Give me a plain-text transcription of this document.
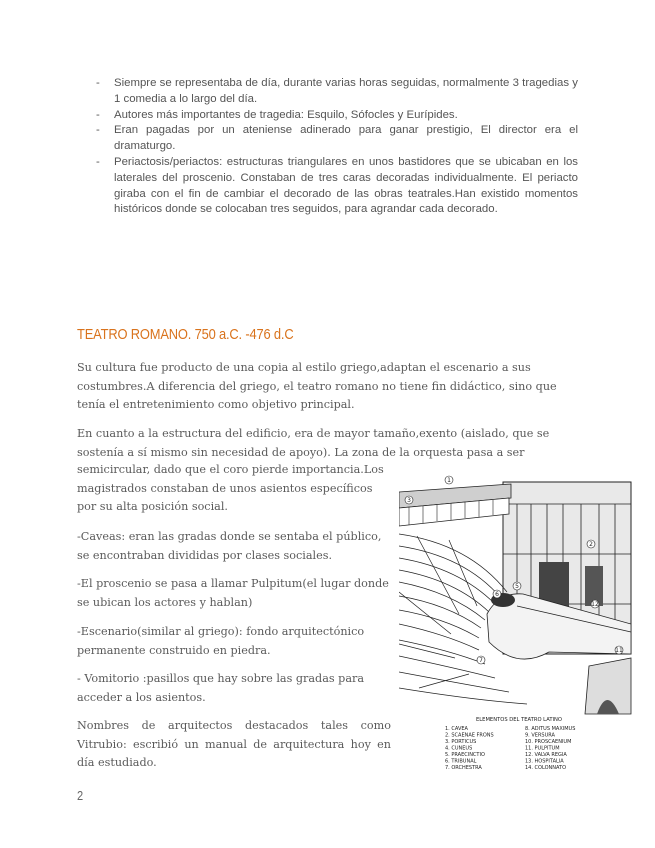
- Siempre se representaba de día, durante varias horas seguidas, normalmente 3 tragedias y 1 comedia a lo largo del día.
- Autores más importantes de tragedia: Esquilo, Sófocles y Eurípides.
- Eran pagadas por un ateniense adinerado para ganar prestigio, El director era el dramaturgo.
- Periactosis/periactos: estructuras triangulares en unos bastidores que se ubicaban en los laterales del proscenio. Constaban de tres caras decoradas individualmente. El periacto giraba con el fin de cambiar el decorado de las obras teatrales.Han existido momentos históricos donde se colocaban tres seguidos, para agrandar cada decorado.
TEATRO ROMANO. 750 a.C. -476 d.C

Su cultura fue producto de una copia al estilo griego,adaptan el escenario a sus costumbres.A diferencia del griego, el teatro romano no tiene fin didáctico, sino que tenía el entretenimiento como objetivo principal.

En cuanto a la estructura del edificio, era de mayor tamaño,exento (aislado, que se sostenía a sí mismo sin necesidad de apoyo). La zona de la orquesta pasa a ser

semicircular, dado que el coro pierde importancia.Los magistrados constaban de unos asientos específicos por su alta posición social.

-Caveas: eran las gradas donde se sentaba el público, se encontraban divididas por clases sociales.

-El proscenio se pasa a llamar Pulpitum(el lugar donde se ubican los actores y hablan)

-Escenario(similar al griego): fondo arquitectónico permanente construido en piedra.

- Vomitorio :pasillos que hay sobre las gradas para acceder a los asientos.

Nombres de arquitectos destacados tales como Vitrubio: escribió un manual de arquitectura hoy en día estudiado.

1
3
2
6
7
5
12
11
ELEMENTOS DEL TEATRO LATINO
1. CAVEA	8. ADITUS MAXIMUS
2. SCAENAE FRONS	9. VERSURA
3. PORTICUS	10. PROSCAENIUM
4. CUNEUS	11. PULPITUM
5. PRAECINCTIO	12. VALVA REGIA
6. TRIBUNAL	13. HOSPITALIA
7. ORCHESTRA	14. COLONNATO

2
